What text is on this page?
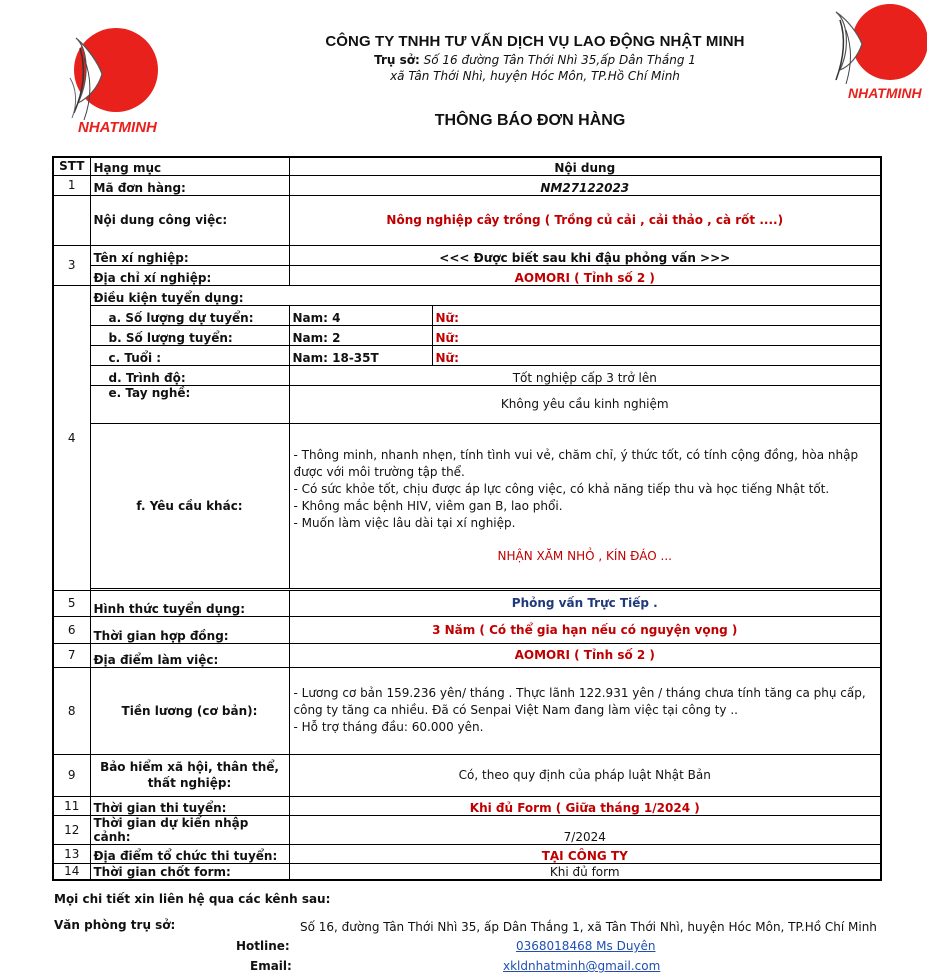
NHATMINH
NHATMINH
CÔNG TY TNHH TƯ VẤN DỊCH VỤ LAO ĐỘNG NHẬT MINH
Trụ sở: Số 16 đường Tân Thới Nhì 35,ấp Dân Thắng 1
xã Tân Thới Nhì, huyện Hóc Môn, TP.Hồ Chí Minh
THÔNG BÁO ĐƠN HÀNG
STT	Hạng mục	Nội dung	
1	Mã đơn hàng:	NM27122023	
	Nội dung công việc:	Nông nghiệp cây trồng ( Trồng củ cải , cải thảo , cà rốt ....)	
3	Tên xí nghiệp:	<<< Được biết sau khi đậu phỏng vấn >>>	
	Địa chỉ xí nghiệp:	AOMORI ( Tỉnh số 2 )	
4	Điều kiện tuyển dụng:		
	a. Số lượng dự tuyển:	Nam: 4	Nữ:
	b. Số lượng tuyển:	Nam: 2	Nữ:
	c. Tuổi :	Nam: 18-35T	Nữ:
	d. Trình độ:	Tốt nghiệp cấp 3 trở lên	
	e. Tay nghề:	Không yêu cầu kinh nghiệm	
	f. Yêu cầu khác:	- Thông minh, nhanh nhẹn, tính tình vui vẻ, chăm chỉ, ý thức tốt, có tính cộng đồng, hòa nhập được với môi trường tập thể.
- Có sức khỏe tốt, chịu được áp lực công việc, có khả năng tiếp thu và học tiếng Nhật tốt.
- Không mắc bệnh HIV, viêm gan B, lao phổi.
- Muốn làm việc lâu dài tại xí nghiệp.
NHẬN XĂM NHỎ , KÍN ĐÁO ...	

5	Hình thức tuyển dụng:	Phỏng vấn Trực Tiếp .	
6	Thời gian hợp đồng:	3 Năm ( Có thể gia hạn nếu có nguyện vọng )	
7	Địa điểm làm việc:	AOMORI ( Tỉnh số 2 )	
8	Tiền lương (cơ bản):	- Lương cơ bản 159.236 yên/ tháng . Thực lãnh 122.931 yên / tháng chưa tính tăng ca phụ cấp, công ty tăng ca nhiều. Đã có Senpai Việt Nam đang làm việc tại công ty ..
- Hỗ trợ tháng đầu: 60.000 yên.	

9	Bảo hiểm xã hội, thân thể, thất nghiệp:	Có, theo quy định của pháp luật Nhật Bản	
11	Thời gian thi tuyển:	Khi đủ Form ( Giữa tháng 1/2024 )	
12	Thời gian dự kiến nhập cảnh:	7/2024	
13	Địa điểm tổ chức thi tuyển:	TẠI CÔNG TY	
14	Thời gian chốt form:	Khi đủ form	
Mọi chi tiết xin liên hệ qua các kênh sau:
Văn phòng trụ sở:	Số 16, đường Tân Thới Nhì 35, ấp Dân Thắng 1, xã Tân Thới Nhì, huyện Hóc Môn, TP.Hồ Chí Minh
Hotline:	0368018468 Ms Duyên
Email:	xkldnhatminh@gmail.com
